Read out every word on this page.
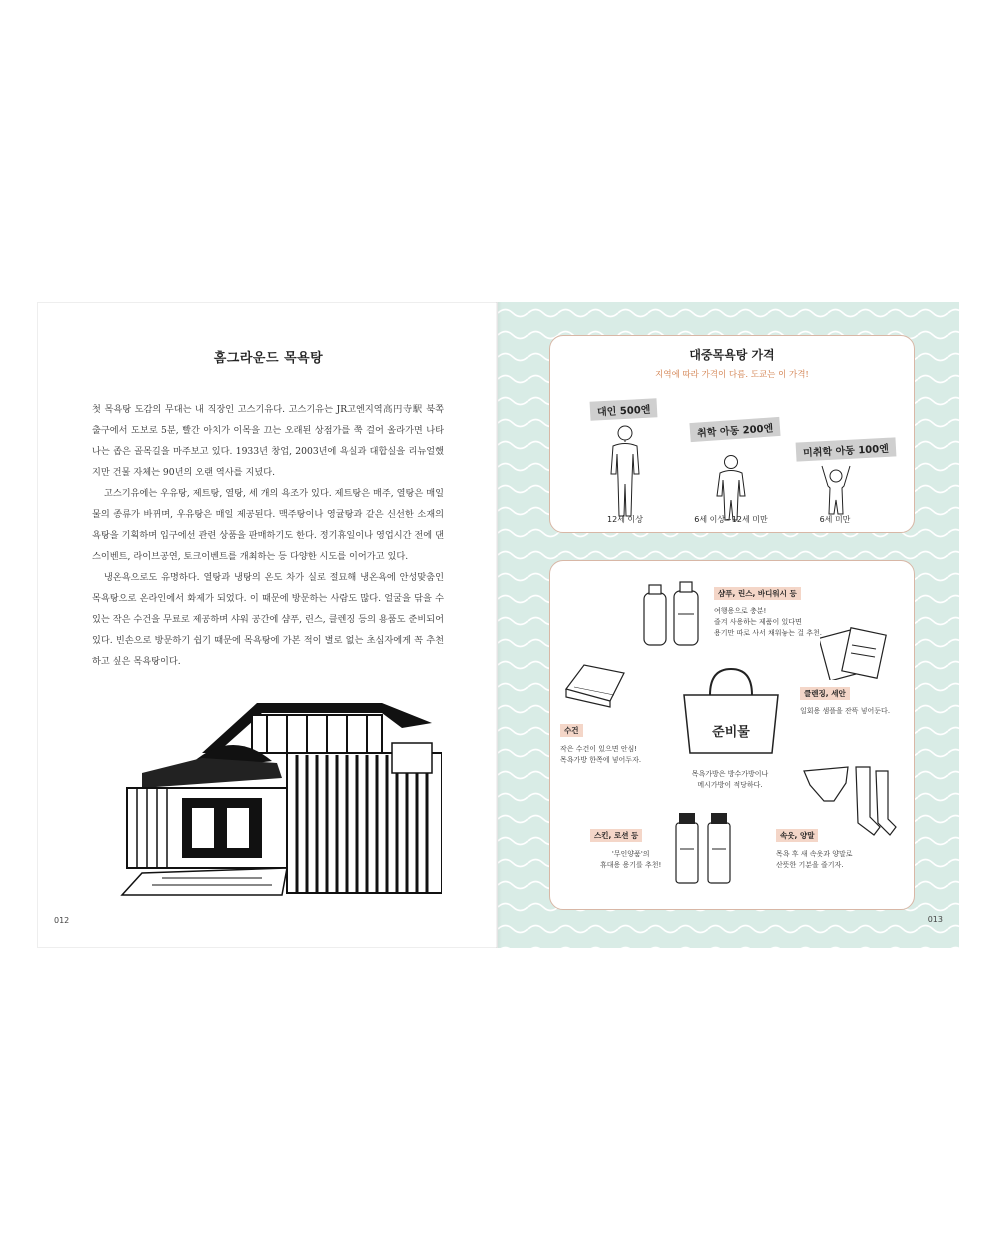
홈그라운드 목욕탕

첫 목욕탕 도감의 무대는 내 직장인 고스기유다. 고스기유는 JR고엔지역高円寺駅 북쪽 출구에서 도보로 5분, 빨간 아치가 이목을 끄는 오래된 상점가를 쭉 걸어 올라가면 나타나는 좁은 골목길을 마주보고 있다. 1933년 창업, 2003년에 욕실과 대합실을 리뉴얼했지만 건물 자체는 90년의 오랜 역사를 지녔다.

고스기유에는 우유탕, 제트탕, 열탕, 세 개의 욕조가 있다. 제트탕은 매주, 열탕은 매일 물의 종류가 바뀌며, 우유탕은 매일 제공된다. 맥주탕이나 영귤탕과 같은 신선한 소재의 욕탕을 기획하며 입구에선 관련 상품을 판매하기도 한다. 정기휴일이나 영업시간 전에 댄스이벤트, 라이브공연, 토크이벤트를 개최하는 등 다양한 시도를 이어가고 있다.

냉온욕으로도 유명하다. 열탕과 냉탕의 온도 차가 실로 절묘해 냉온욕에 안성맞춤인 목욕탕으로 온라인에서 화제가 되었다. 이 때문에 방문하는 사람도 많다. 얼굴을 닦을 수 있는 작은 수건을 무료로 제공하며 샤워 공간에 샴푸, 린스, 클렌징 등의 용품도 준비되어 있다. 빈손으로 방문하기 쉽기 때문에 목욕탕에 가본 적이 별로 없는 초심자에게 꼭 추천하고 싶은 목욕탕이다.

012
대중목욕탕 가격
지역에 따라 가격이 다름. 도쿄는 이 가격!
대인 500엔
취학 아동 200엔
미취학 아동 100엔
12세 이상	6세 이상~12세 미만	6세 미만
샴푸, 린스, 바디워시 등
여행용으로 충분!
즐겨 사용하는 제품이 있다면
용기만 따로 사서 채워놓는 걸 추천.
클렌징, 세안
일회용 샘플을 잔뜩 넣어둔다.
수건
작은 수건이 있으면 안심!
목욕가방 한쪽에 넣어두자.
준비물
목욕가방은 방수가방이나
메시가방이 적당하다.
속옷, 양말
목욕 후 새 속옷과 양말로
산뜻한 기분을 즐기자.
스킨, 로션 등
'무인양품'의
휴대용 용기를 추천!
013
